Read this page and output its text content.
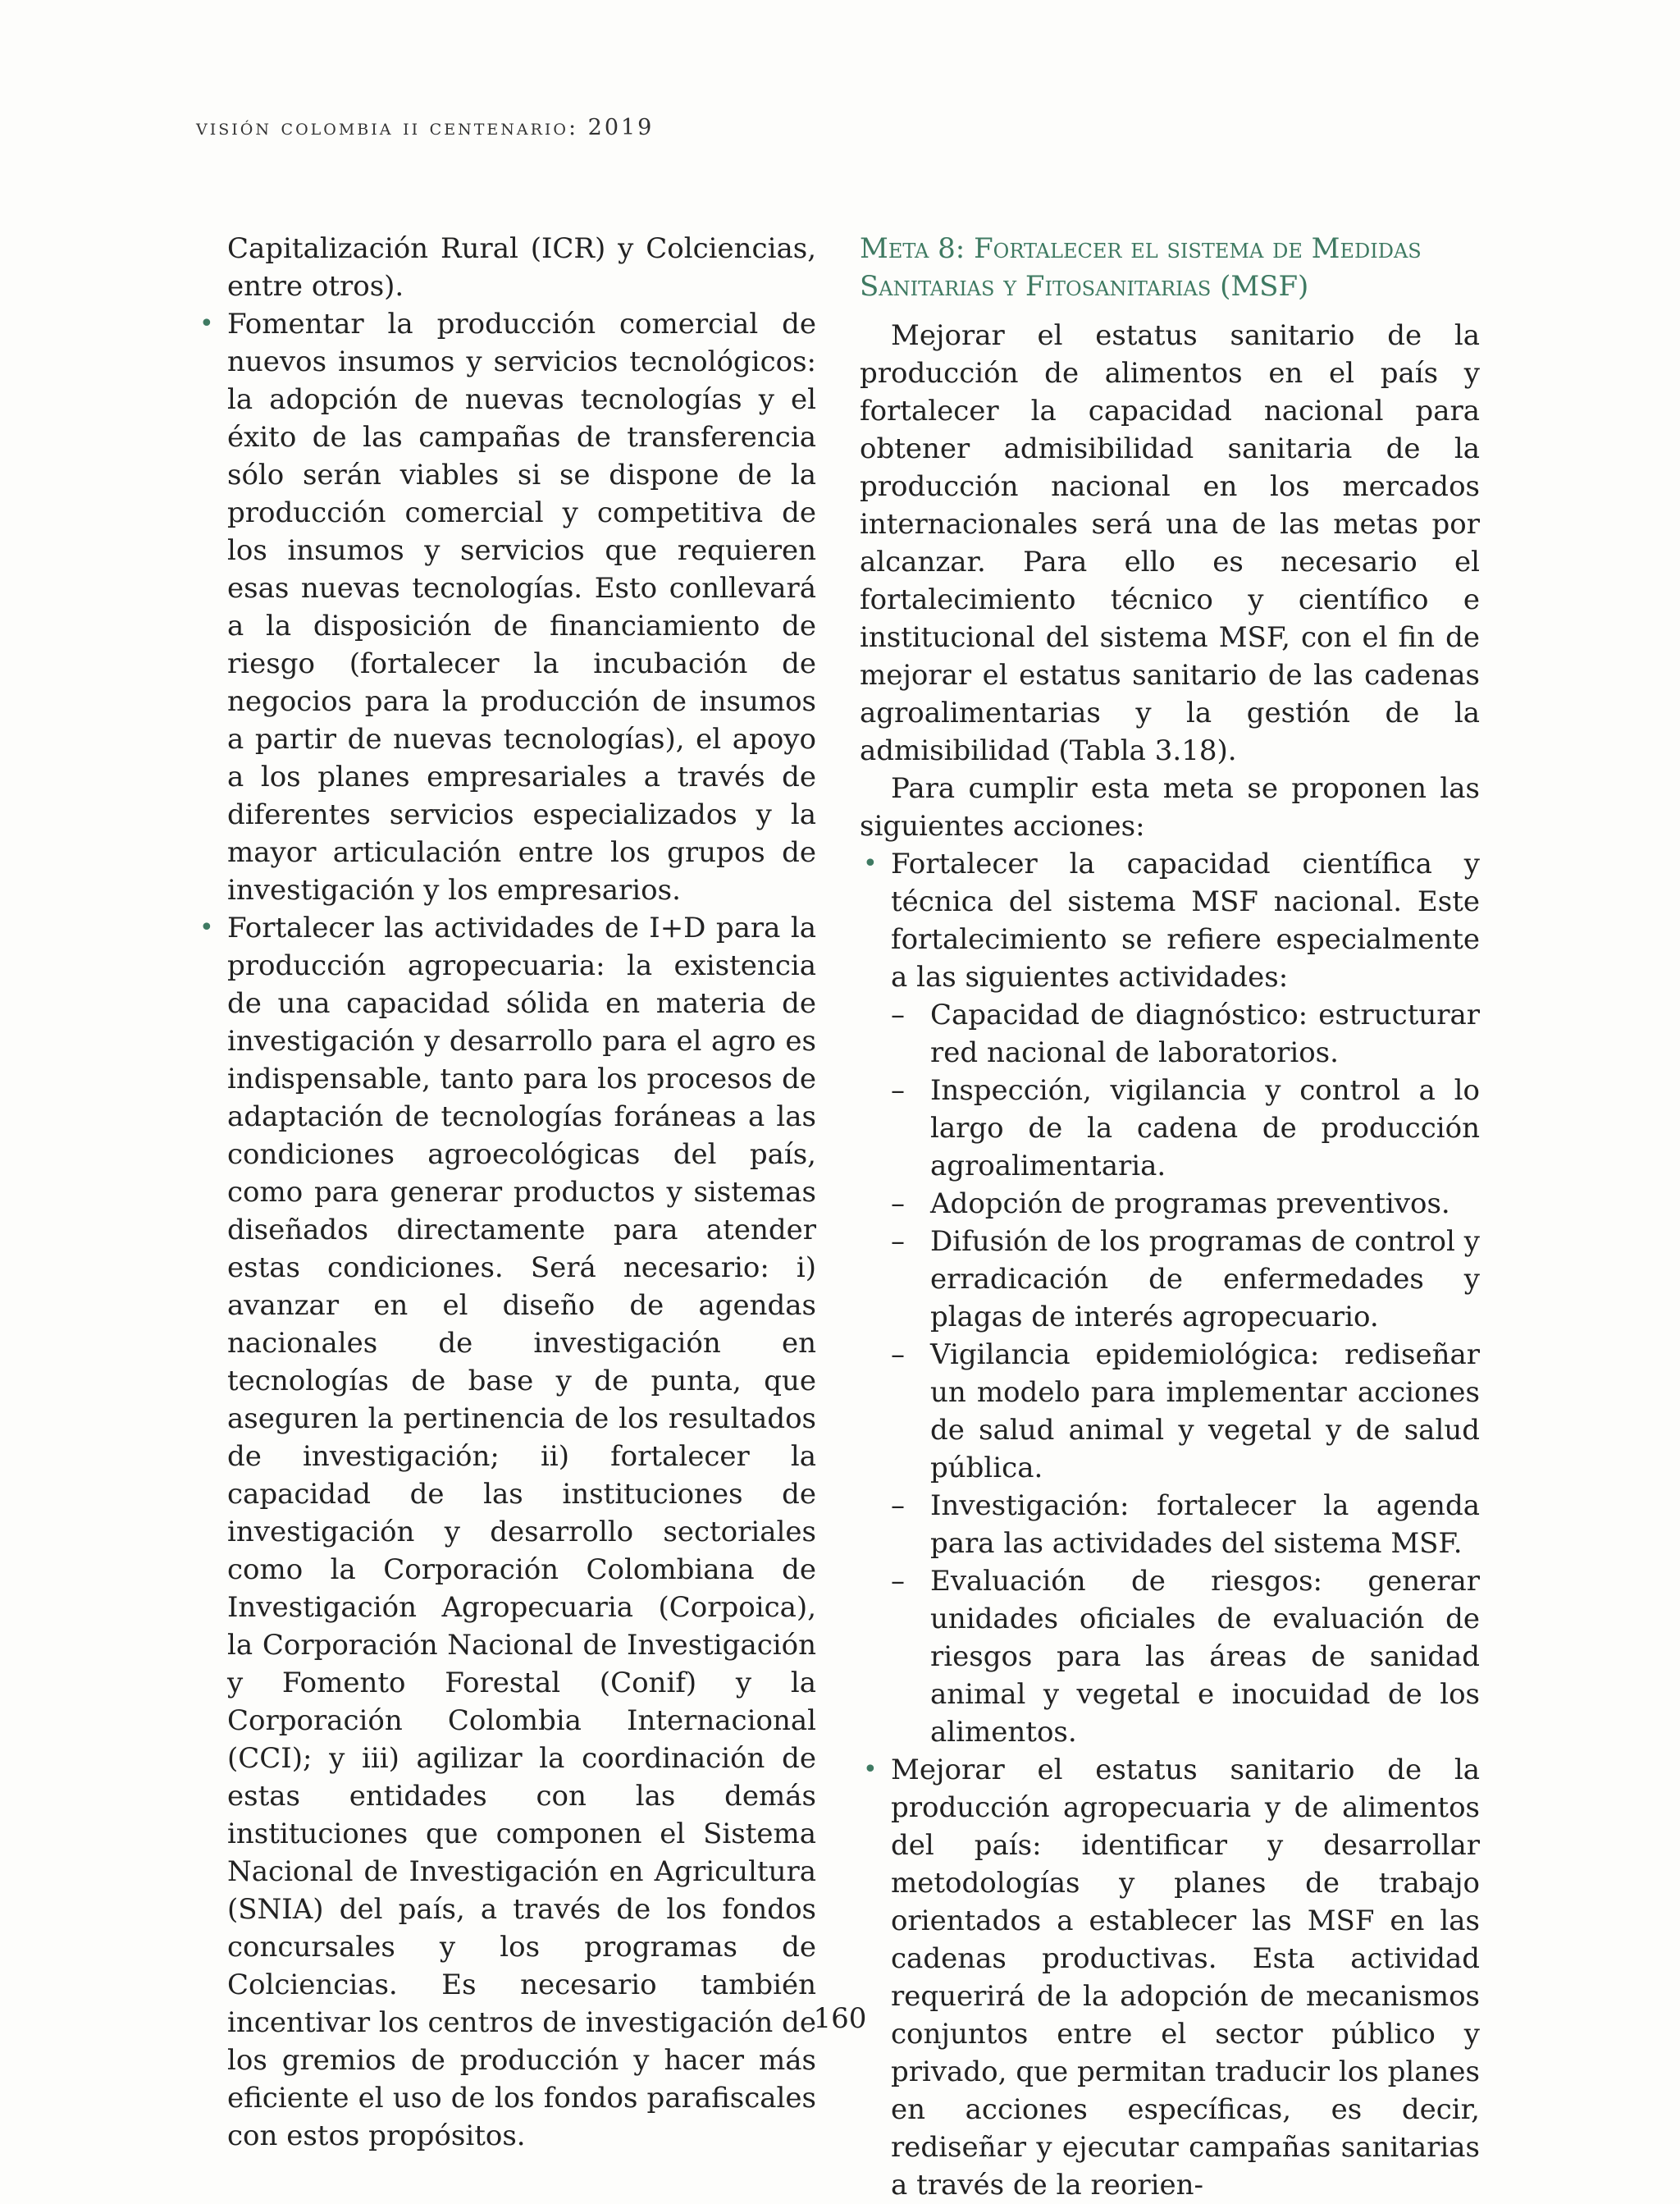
visión colombia ii centenario: 2019

Capitalización Rural (ICR) y Colciencias, entre otros).

• Fomentar la producción comercial de nuevos insumos y servicios tecnológicos: la adopción de nuevas tecnologías y el éxito de las campañas de transferencia sólo serán viables si se dispone de la producción comercial y competitiva de los insumos y servicios que requieren esas nuevas tecnologías. Esto conllevará a la disposición de financiamiento de riesgo (fortalecer la incubación de negocios para la producción de insumos a partir de nuevas tecnologías), el apoyo a los planes empresariales a través de diferentes servicios especializados y la mayor articulación entre los grupos de investigación y los empresarios.
• Fortalecer las actividades de I+D para la producción agropecuaria: la existencia de una capacidad sólida en materia de investigación y desarrollo para el agro es indispensable, tanto para los procesos de adaptación de tecnologías foráneas a las condiciones agroecológicas del país, como para generar productos y sistemas diseñados directamente para atender estas condiciones. Será necesario: i) avanzar en el diseño de agendas nacionales de investigación en tecnologías de base y de punta, que aseguren la pertinencia de los resultados de investigación; ii) fortalecer la capacidad de las instituciones de investigación y desarrollo sectoriales como la Corporación Colombiana de Investigación Agropecuaria (Corpoica), la Corporación Nacional de Investigación y Fomento Forestal (Conif) y la Corporación Colombia Internacional (CCI); y iii) agilizar la coordinación de estas entidades con las demás instituciones que componen el Sistema Nacional de Investigación en Agricultura (SNIA) del país, a través de los fondos concursales y los programas de Colciencias. Es necesario también incentivar los centros de investigación de los gremios de producción y hacer más eficiente el uso de los fondos parafiscales con estos propósitos.

Meta 8: Fortalecer el sistema de Medidas Sanitarias y Fitosanitarias (MSF)

Mejorar el estatus sanitario de la producción de alimentos en el país y fortalecer la capacidad nacional para obtener admisibilidad sanitaria de la producción nacional en los mercados internacionales será una de las metas por alcanzar. Para ello es necesario el fortalecimiento técnico y científico e institucional del sistema MSF, con el fin de mejorar el estatus sanitario de las cadenas agroalimentarias y la gestión de la admisibilidad (Tabla 3.18).

Para cumplir esta meta se proponen las siguientes acciones:

• Fortalecer la capacidad científica y técnica del sistema MSF nacional. Este fortalecimiento se refiere especialmente a las siguientes actividades:
– Capacidad de diagnóstico: estructurar red nacional de laboratorios.
– Inspección, vigilancia y control a lo largo de la cadena de producción agroalimentaria.
– Adopción de programas preventivos.
– Difusión de los programas de control y erradicación de enfermedades y plagas de interés agropecuario.
– Vigilancia epidemiológica: rediseñar un modelo para implementar acciones de salud animal y vegetal y de salud pública.
– Investigación: fortalecer la agenda para las actividades del sistema MSF.
– Evaluación de riesgos: generar unidades oficiales de evaluación de riesgos para las áreas de sanidad animal y vegetal e inocuidad de los alimentos.
• Mejorar el estatus sanitario de la producción agropecuaria y de alimentos del país: identificar y desarrollar metodologías y planes de trabajo orientados a establecer las MSF en las cadenas productivas. Esta actividad requerirá de la adopción de mecanismos conjuntos entre el sector público y privado, que permitan traducir los planes en acciones específicas, es decir, rediseñar y ejecutar campañas sanitarias a través de la reorien-
160
